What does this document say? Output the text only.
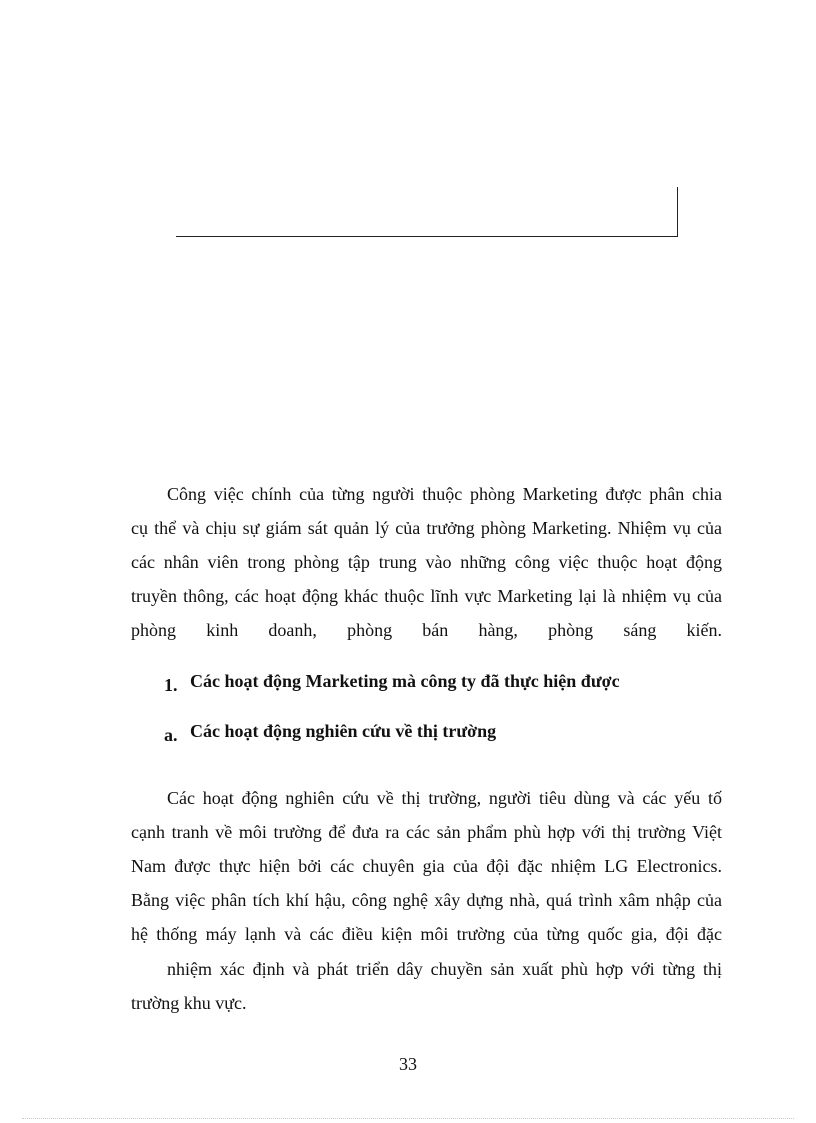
Công việc chính của từng người thuộc phòng Marketing được phân chia
cụ thể và chịu sự giám sát quản lý của trưởng phòng Marketing. Nhiệm vụ của
các nhân viên trong phòng tập trung vào những công việc thuộc hoạt động
truyền thông, các hoạt động khác thuộc lĩnh vực Marketing lại là nhiệm vụ của
phòng kinh doanh, phòng bán hàng, phòng sáng kiến.
1. Các hoạt động Marketing mà công ty đã thực hiện được
a. Các hoạt động nghiên cứu về thị trường
Các hoạt động nghiên cứu về thị trường, người tiêu dùng và các yếu tố
cạnh tranh về môi trường để đưa ra các sản phẩm phù hợp với thị trường Việt
Nam được thực hiện bởi các chuyên gia của đội đặc nhiệm LG Electronics.
Bằng việc phân tích khí hậu, công nghệ xây dựng nhà, quá trình xâm nhập của
hệ thống máy lạnh và các điều kiện môi trường của từng quốc gia, đội đặc
nhiệm xác định và phát triển dây chuyền sản xuất phù hợp với từng thị
trường khu vực.
33
